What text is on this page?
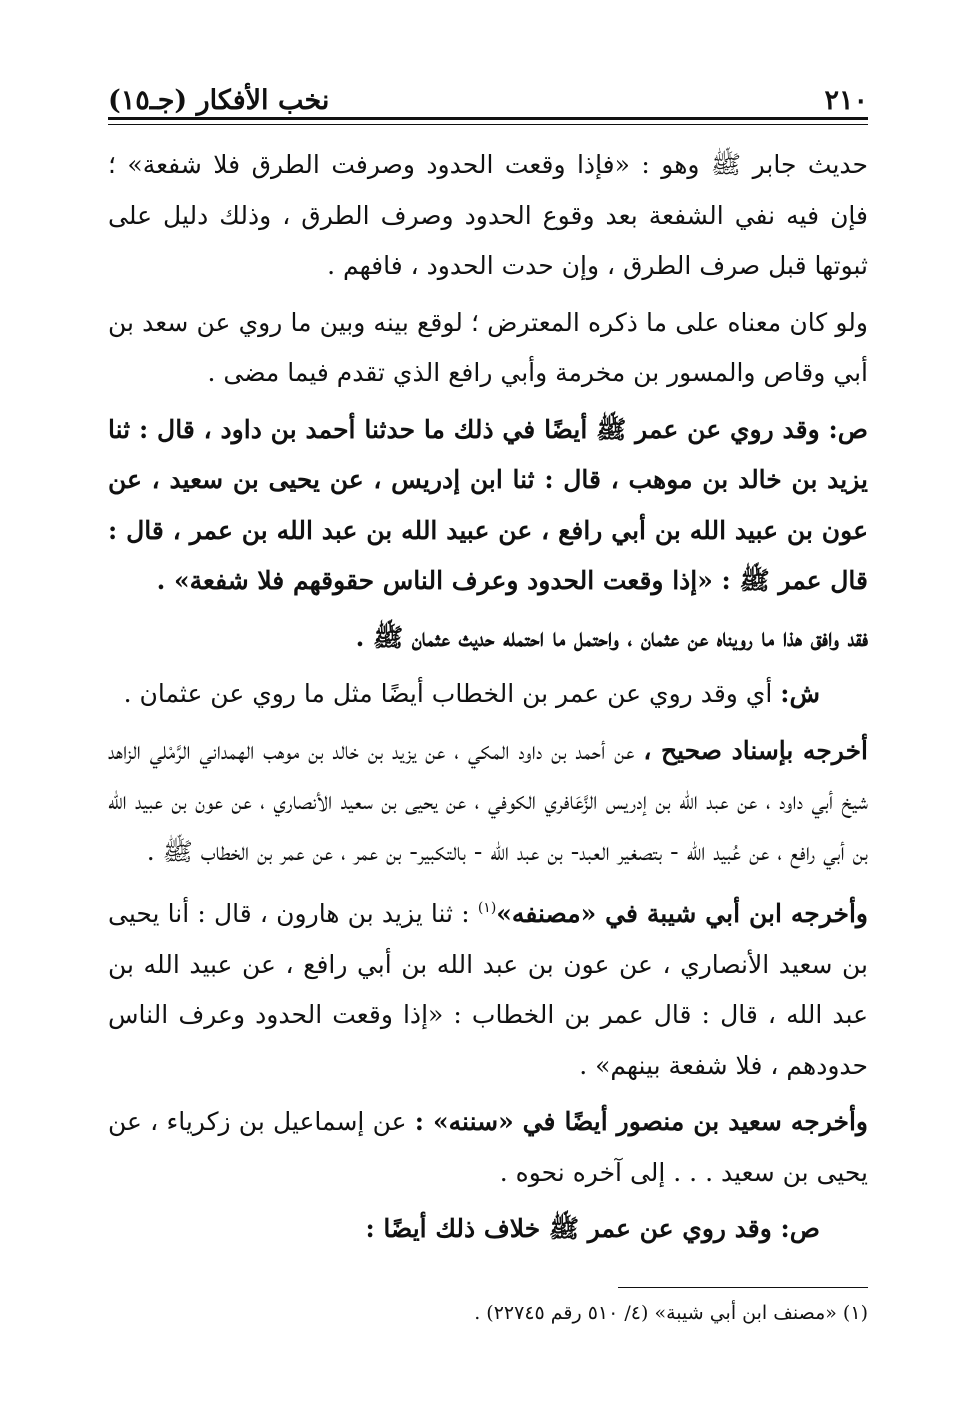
٢١٠
نخب الأفكار (جـ١٥)

حديث جابر ﷺ وهو : «فإذا وقعت الحدود وصرفت الطرق فلا شفعة» ؛ فإن فيه نفي الشفعة بعد وقوع الحدود وصرف الطرق ، وذلك دليل على ثبوتها قبل صرف الطرق ، وإن حدت الحدود ، فافهم .

ولو كان معناه على ما ذكره المعترض ؛ لوقع بينه وبين ما روي عن سعد بن أبي وقاص والمسور بن مخرمة وأبي رافع الذي تقدم فيما مضى .

ص: وقد روي عن عمر ﷺ أيضًا في ذلك ما حدثنا أحمد بن داود ، قال : ثنا يزيد بن خالد بن موهب ، قال : ثنا ابن إدريس ، عن يحيى بن سعيد ، عن عون بن عبيد الله بن أبي رافع ، عن عبيد الله بن عبد الله بن عمر ، قال : قال عمر ﷺ : «إذا وقعت الحدود وعرف الناس حقوقهم فلا شفعة» .

فقد وافق هذا ما رويناه عن عثمان ، واحتمل ما احتمله حديث عثمان ﷺ .

ش: أي وقد روي عن عمر بن الخطاب أيضًا مثل ما روي عن عثمان .

أخرجه بإسناد صحيح ، عن أحمد بن داود المكي ، عن يزيد بن خالد بن موهب الهمداني الرَّمْلي الزاهد شيخ أبي داود ، عن عبد الله بن إدريس الزَّعَافري الكوفي ، عن يحيى بن سعيد الأنصاري ، عن عون بن عبيد الله بن أبي رافع ، عن عُبيد الله - بتصغير العبد- بن عبد الله - بالتكبير- بن عمر ، عن عمر بن الخطاب ﷺ .

وأخرجه ابن أبي شيبة في «مصنفه»$^{(١)}$ : ثنا يزيد بن هارون ، قال : أنا يحيى بن سعيد الأنصاري ، عن عون بن عبد الله بن أبي رافع ، عن عبيد الله بن عبد الله ، قال : قال عمر بن الخطاب : «إذا وقعت الحدود وعرف الناس حدودهم ، فلا شفعة بينهم» .

وأخرجه سعيد بن منصور أيضًا في «سننه» : عن إسماعيل بن زكرياء ، عن يحيى بن سعيد . . . إلى آخره نحوه .

ص: وقد روي عن عمر ﷺ خلاف ذلك أيضًا :

(١) «مصنف ابن أبي شيبة» (٤/ ٥١٠ رقم ٢٢٧٤٥) .
